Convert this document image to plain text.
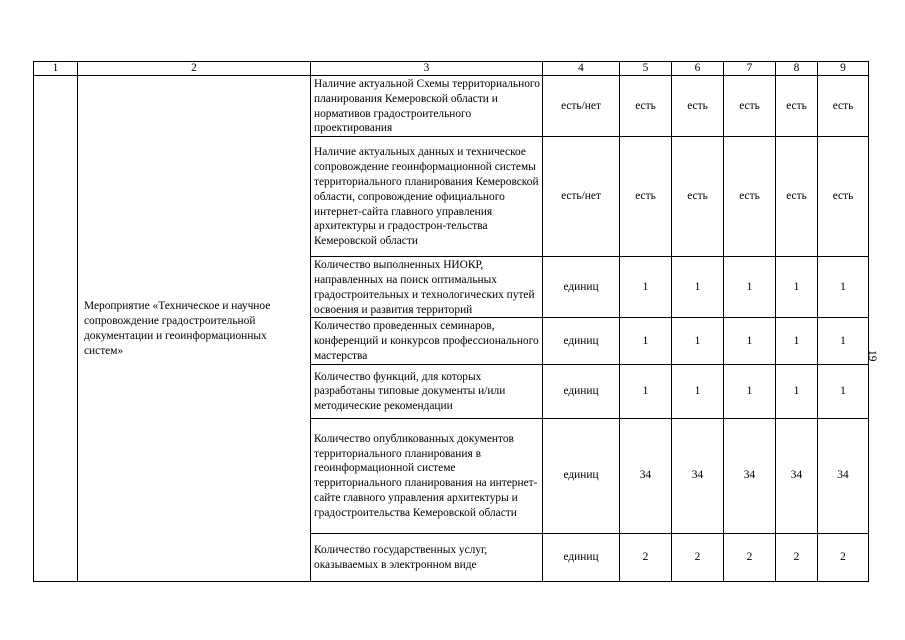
1	2	3	4	5	6	7	8	9
	Мероприятие «Техническое и научное сопровождение градостроительной документации и геоинформационных систем»	Наличие актуальной Схемы территориального планирования Кемеровской области и нормативов градостроительного проектирования	есть/нет	есть	есть	есть	есть	есть
		Наличие актуальных данных и техническое сопровождение геоинформационной системы территориального планирования Кемеровской области, сопровождение официального интернет-сайта главного управления архитектуры и градострон-тельства Кемеровской области	есть/нет	есть	есть	есть	есть	есть
		Количество выполненных НИОКР, направленных на поиск оптимальных градостроительных и технологических путей освоения и развития территорий	единиц	1	1	1	1	1
		Количество проведенных семинаров, конференций и конкурсов профессионального мастерства	единиц	1	1	1	1	1
		Количество функций, для которых разработаны типовые документы и/или методические рекомендации	единиц	1	1	1	1	1
		Количество опубликованных документов территориального планирования в геоинформационной системе территориального планирования на интернет-сайте главного управления архитектуры и градостроительства Кемеровской области	единиц	34	34	34	34	34
		Количество государственных услуг, оказываемых в электронном виде	единиц	2	2	2	2	2
19
